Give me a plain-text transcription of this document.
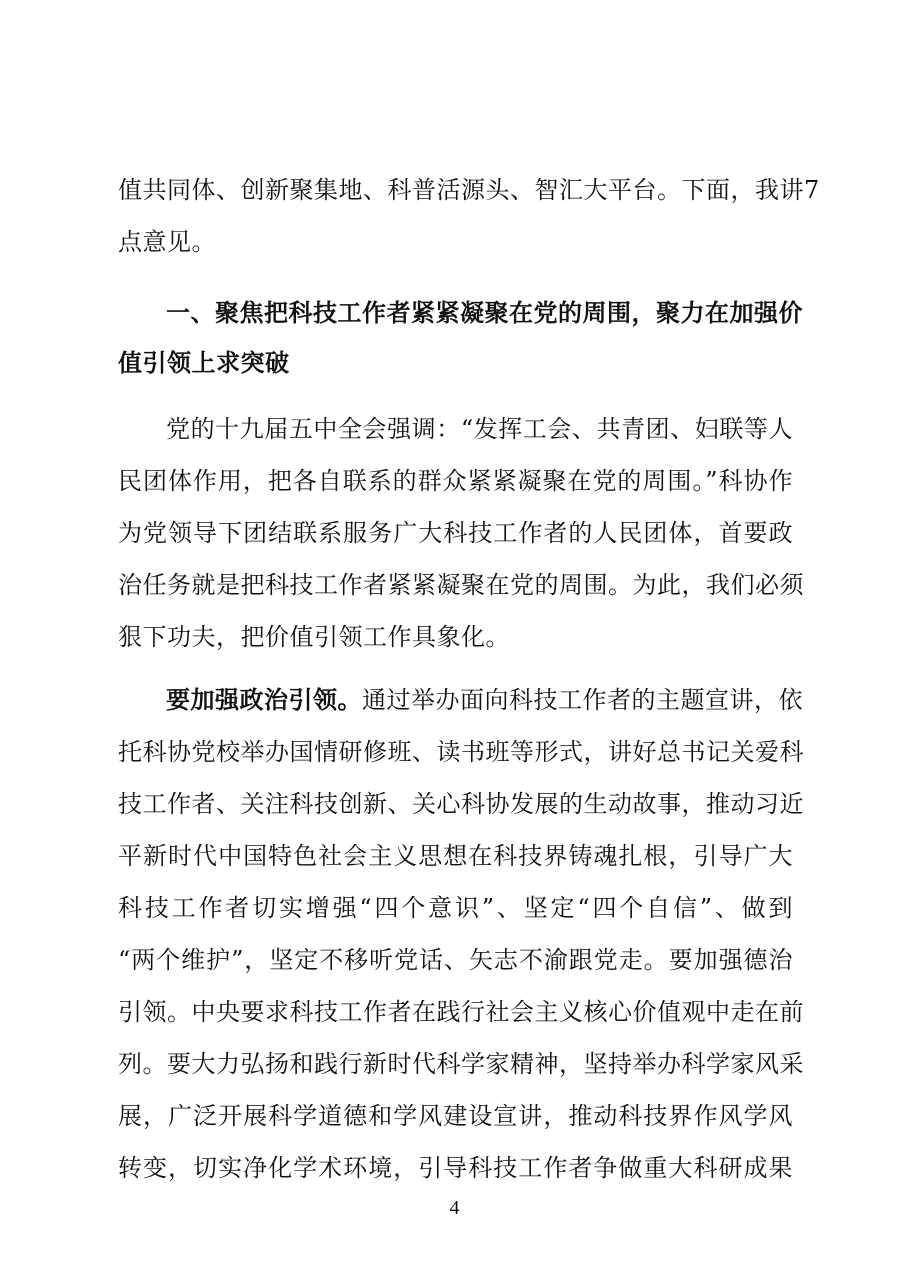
值共同体、创新聚集地、科普活源头、智汇大平台。下面，我讲7
点意见。
一、聚焦把科技工作者紧紧凝聚在党的周围，聚力在加强价
值引领上求突破
党的十九届五中全会强调：“发挥工会、共青团、妇联等人
民团体作用，把各自联系的群众紧紧凝聚在党的周围。”科协作
为党领导下团结联系服务广大科技工作者的人民团体，首要政
治任务就是把科技工作者紧紧凝聚在党的周围。为此，我们必须
狠下功夫，把价值引领工作具象化。
要加强政治引领。 通过举办面向科技工作者的主题宣讲，依
托科协党校举办国情研修班、读书班等形式，讲好总书记关爱科
技工作者、关注科技创新、关心科协发展的生动故事，推动习近
平新时代中国特色社会主义思想在科技界铸魂扎根，引导广大
科技工作者切实增强“四个意识”、坚定“四个自信”、做到
“两个维护”，坚定不移听党话、矢志不渝跟党走。要加强德治
引领。中央要求科技工作者在践行社会主义核心价值观中走在前
列。要大力弘扬和践行新时代科学家精神，坚持举办科学家风采
展，广泛开展科学道德和学风建设宣讲，推动科技界作风学风
转变，切实净化学术环境，引导科技工作者争做重大科研成果
4
